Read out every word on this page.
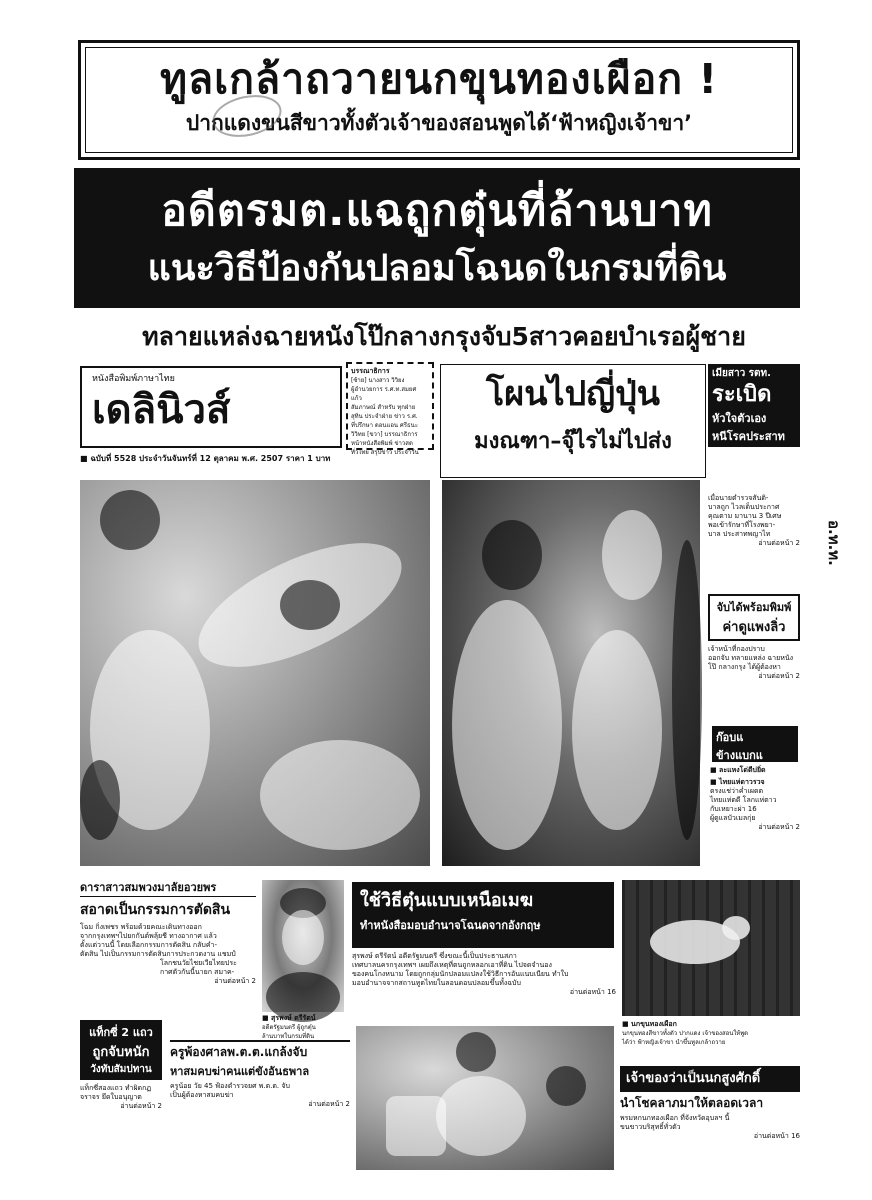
ทูลเกล้าถวายนกขุนทองเผือก !
ปากแดงขนสีขาวทั้งตัวเจ้าของสอนพูดได้‘ฟ้าหญิงเจ้าขา’
อดีตรมต.แฉถูกตุ๋นที่ล้านบาท
แนะวิธีป้องกันปลอมโฉนดในกรมที่ดิน
ทลายแหล่งฉายหนังโป๊กลางกรุงจับ5สาวคอยบำเรอผู้ชาย
หนังสือพิมพ์ภาษาไทย
เดลินิวส์
■ ฉบับที่ 5528 ประจำวันจันทร์ที่ 12 ตุลาคม พ.ศ. 2507 ราคา 1 บาท
บรรณาธิการ
[ซ้าย] นางสาว วิวิยง
ผู้อำนวยการ ร.ศ.ท.สมยศ แก้ว
สัมภาษณ์ สำหรับ ทุกฝ่าย
สุทิน ประจำฝ่าย ข่าว ร.ศ.
ที่ปรึกษา ดอนแอน ศรีธนะ
วิวิทย [ขวา] บรรณาธิการ
หน้าหนังสือพิมพ์ ข่าวสด
ทั่วไทย สรุปข่าว ประจำวัน
โผนไปญี่ปุ่น
มงณฑา–จุ๊ไรไม่ไปส่ง
เมียสาว รตท.
ระเบิด
หัวใจตัวเอง
หนีโรคประสาท
เมื่อนายตำรวจสันติ-
บาลถูก ไวลเด็นประกาศ
คุณตาม มานาน 3 ปีเศษ
พอเข้ารักษาที่โรงพยา-
บาล ประสาทพญาไท
อ่านต่อหน้า 2	อ.ท.ท.
จับได้พร้อมพิมพ์
ค่าดูแพงลิ่ว
เจ้าหน้าที่กองปราบ
ออกจับ ทลายแหล่ง ฉายหนัง
โป๊ กลางกรุง ได้ผู้ต้องหา
อ่านต่อหน้า 2
ก๊อบแ
ข้างแบกแ
■ ละแหงโด่ดีบ่ยิ่ด
■ ไทยแห่ดาวรวจ
ตรงแช่ว่าค่ำเผดต
ไทยแห่ตดี โลกแห่ตาว
กับเหยาะผ่า 16
ผู้ดูแลบัวเมลกุ่ย
อ่านต่อหน้า 2
ดาราสาวสมพวงมาลัยอวยพร
สอาดเป็นกรรมการตัดสิน
โฉม กิ่งเพชร พร้อมด้วยคณะเดินทางออก
จากกรุงเทพฯไปยกกันต์พลุ้ยชี ทางอากาศ แล้ว
ตั้งแต่วานนี้ โดยเลือกกรรมการตัดสิน กลับคำ-
ตัดสิน ไปเป็นกรรมการตัดสินการประกวดงาน แชมป์
โลกชนวัยไชยเวียไทยประ
กาศตัวกันนี้นายก สมาค-
อ่านต่อหน้า 2
■ สุรพงษ์ ตรีรัตน์
อดีตรัฐมนตรี ผู้ถูกตุ๋น
ล้านบาทในกรมที่ดิน
ใช้วิธีตุ๋นแบบเหนือเมฆ
ทำหนังสือมอบอำนาจโฉนดจากอังกฤษ
สุรพงษ์ ตรีรัตน์ อดีตรัฐมนตรี ซึ่งขณะนี้เป็นประธานสภา
เทศบาลนครกรุงเทพฯ เผยถึงเหตุที่ตนถูกหลอกเอาที่ดิน ไปจดจำนอง
ของคนโกงหนาม โดยถูกกลุ่มนักปลอมแปลงใช้วิธีการอันแนบเนียน ทำใบ
มอบอำนาจจากสถานทูตไทยในลอนดอนปลอมขึ้นทั้งฉบับ
อ่านต่อหน้า 16
■ นกขุนทองเผือก
นกขุนทองสีขาวทั้งตัว ปากแดง เจ้าของสอนให้พูด
ได้ว่า ฟ้าหญิงเจ้าขา นำขึ้นทูลเกล้าถวาย
แท็กซี่ 2 แถว
ถูกจับหนัก
วังทับสัมปทาน
แท็กซี่สองแถว ทำผิดกฏ
จราจร ยึดใบอนุญาต
อ่านต่อหน้า 2
ครูพ้องศาลพ.ต.ต.แกล้งจับ
หาสมคบฆ่าคนแต่ขังอันธพาล
ครูน้อย วัย 45 ฟ้องตำรวจยศ พ.ต.ต. จับ
เป็นผู้ต้องหาสมคบฆ่า
อ่านต่อหน้า 2
เจ้าของว่าเป็นนกสูงศักดิ์
นำโชคลาภมาให้ตลอดเวลา
พรมหกนกทองเผือก ที่จังหวัดอุบลฯ นี้
ขนขาวบริสุทธิ์ทั่วตัว
อ่านต่อหน้า 16
